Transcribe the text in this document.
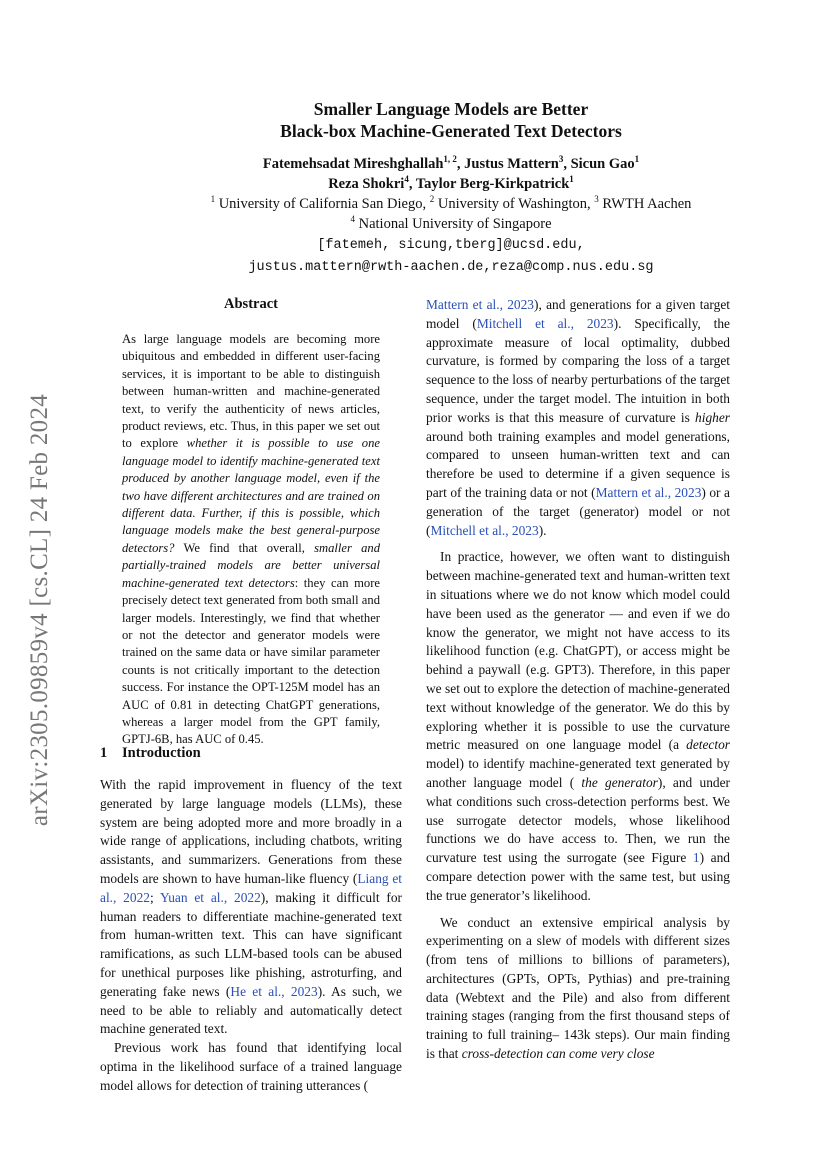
arXiv:2305.09859v4 [cs.CL] 24 Feb 2024
Smaller Language Models are Better
Black-box Machine-Generated Text Detectors
Fatemehsadat Mireshghallah$^{1, 2}$, Justus Mattern$^3$, Sicun Gao$^1$
Reza Shokri$^4$, Taylor Berg-Kirkpatrick$^1$
$^1$ University of California San Diego, $^2$ University of Washington, $^3$ RWTH Aachen
$^4$ National University of Singapore
[fatemeh, sicung,tberg]@ucsd.edu,
justus.mattern@rwth-aachen.de,reza@comp.nus.edu.sg
Abstract

As large language models are becoming more ubiquitous and embedded in different user-facing services, it is important to be able to distinguish between human-written and machine-generated text, to verify the authenticity of news articles, product reviews, etc. Thus, in this paper we set out to explore whether it is possible to use one language model to identify machine-generated text produced by another language model, even if the two have different architectures and are trained on different data. Further, if this is possible, which language models make the best general-purpose detectors? We find that overall, smaller and partially-trained models are better universal machine-generated text detectors: they can more precisely detect text generated from both small and larger models. Interestingly, we find that whether or not the detector and generator models were trained on the same data or have similar parameter counts is not critically important to the detection success. For instance the OPT-125M model has an AUC of 0.81 in detecting ChatGPT generations, whereas a larger model from the GPT family, GPTJ-6B, has AUC of 0.45.

1 Introduction

With the rapid improvement in fluency of the text generated by large language models (LLMs), these system are being adopted more and more broadly in a wide range of applications, including chatbots, writing assistants, and summarizers. Generations from these models are shown to have human-like fluency (Liang et al., 2022; Yuan et al., 2022), making it difficult for human readers to differentiate machine-generated text from human-written text. This can have significant ramifications, as such LLM-based tools can be abused for unethical purposes like phishing, astroturfing, and generating fake news (He et al., 2023). As such, we need to be able to reliably and automatically detect machine generated text.

Previous work has found that identifying local optima in the likelihood surface of a trained language model allows for detection of training utterances (

Mattern et al., 2023), and generations for a given target model (Mitchell et al., 2023). Specifically, the approximate measure of local optimality, dubbed curvature, is formed by comparing the loss of a target sequence to the loss of nearby perturbations of the target sequence, under the target model. The intuition in both prior works is that this measure of curvature is higher around both training examples and model generations, compared to unseen human-written text and can therefore be used to determine if a given sequence is part of the training data or not (Mattern et al., 2023) or a generation of the target (generator) model or not (Mitchell et al., 2023).

In practice, however, we often want to distinguish between machine-generated text and human-written text in situations where we do not know which model could have been used as the generator — and even if we do know the generator, we might not have access to its likelihood function (e.g. ChatGPT), or access might be behind a paywall (e.g. GPT3). Therefore, in this paper we set out to explore the detection of machine-generated text without knowledge of the generator. We do this by exploring whether it is possible to use the curvature metric measured on one language model (a detector model) to identify machine-generated text generated by another language model ( the generator), and under what conditions such cross-detection performs best. We use surrogate detector models, whose likelihood functions we do have access to. Then, we run the curvature test using the surrogate (see Figure 1) and compare detection power with the same test, but using the true generator’s likelihood.

We conduct an extensive empirical analysis by experimenting on a slew of models with different sizes (from tens of millions to billions of parameters), architectures (GPTs, OPTs, Pythias) and pre-training data (Webtext and the Pile) and also from different training stages (ranging from the first thousand steps of training to full training– 143k steps). Our main finding is that cross-detection can come very close
